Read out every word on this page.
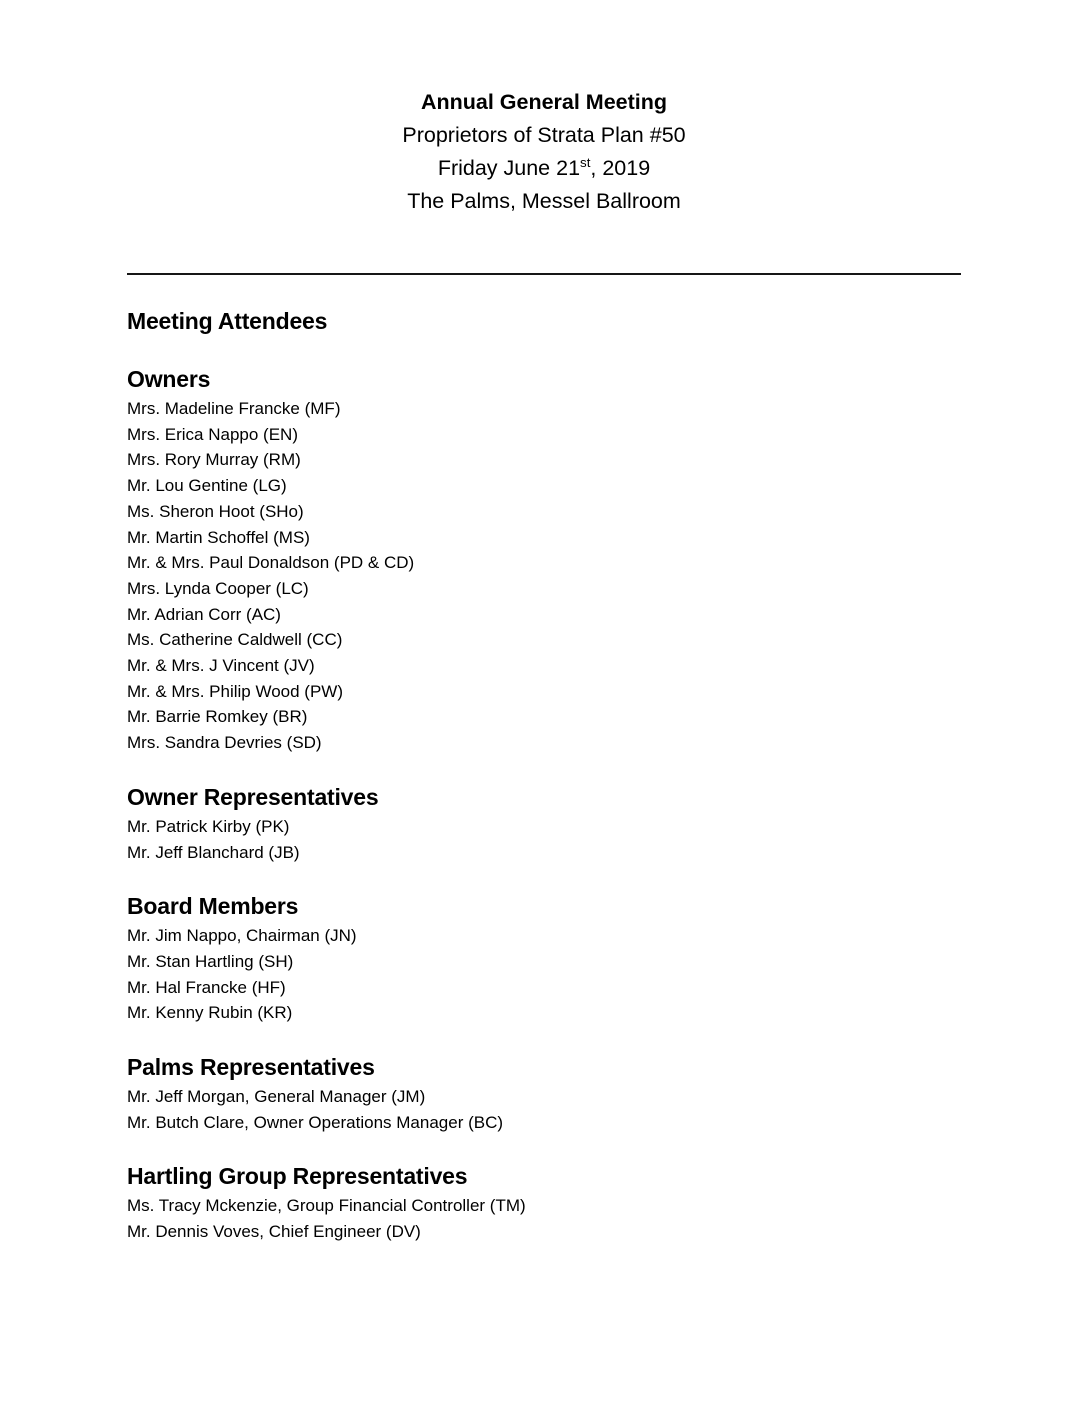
Annual General Meeting

Proprietors of Strata Plan #50

Friday June 21st, 2019

The Palms, Messel Ballroom

Meeting Attendees
Owners

Mrs. Madeline Francke (MF)

Mrs. Erica Nappo (EN)

Mrs. Rory Murray (RM)

Mr. Lou Gentine (LG)

Ms. Sheron Hoot (SHo)

Mr. Martin Schoffel (MS)

Mr. & Mrs. Paul Donaldson (PD & CD)

Mrs. Lynda Cooper (LC)

Mr. Adrian Corr (AC)

Ms. Catherine Caldwell (CC)

Mr. & Mrs. J Vincent (JV)

Mr. & Mrs. Philip Wood (PW)

Mr. Barrie Romkey (BR)

Mrs. Sandra Devries (SD)

Owner Representatives

Mr. Patrick Kirby (PK)

Mr. Jeff Blanchard (JB)

Board Members

Mr. Jim Nappo, Chairman (JN)

Mr. Stan Hartling (SH)

Mr. Hal Francke (HF)

Mr. Kenny Rubin (KR)

Palms Representatives

Mr. Jeff Morgan, General Manager (JM)

Mr. Butch Clare, Owner Operations Manager (BC)

Hartling Group Representatives

Ms. Tracy Mckenzie, Group Financial Controller (TM)

Mr. Dennis Voves, Chief Engineer (DV)
